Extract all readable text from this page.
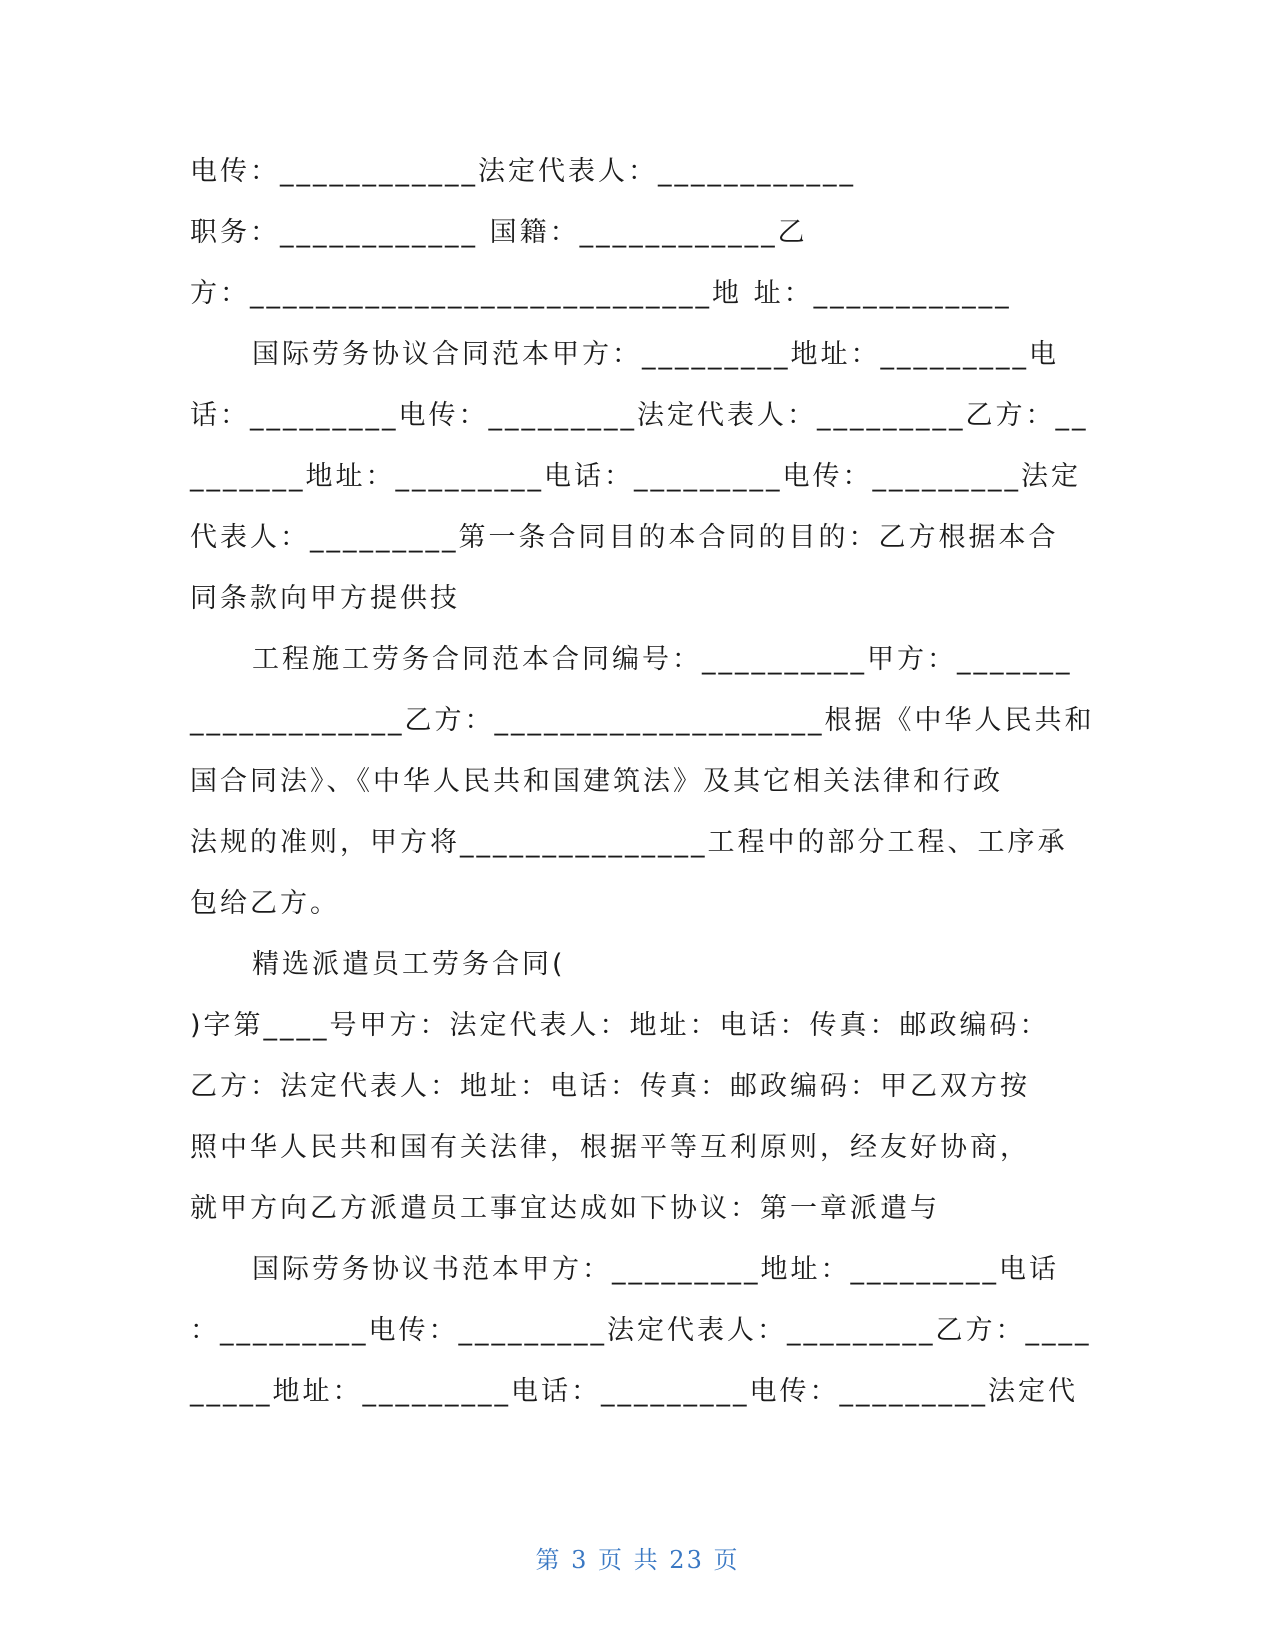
电传：____________法定代表人：____________

职务：____________ 国籍：____________乙

方：____________________________地 址：____________

国际劳务协议合同范本甲方：_________地址：_________电

话：_________电传：_________法定代表人：_________乙方：__

_______地址：_________电话：_________电传：_________法定

代表人：_________第一条合同目的本合同的目的：乙方根据本合

同条款向甲方提供技

工程施工劳务合同范本合同编号：__________甲方：_______

_____________乙方：____________________根据《中华人民共和

国合同法》、《中华人民共和国建筑法》及其它相关法律和行政

法规的准则，甲方将_______________工程中的部分工程、工序承

包给乙方。

精选派遣员工劳务合同(

)字第____号甲方：法定代表人：地址：电话：传真：邮政编码：

乙方：法定代表人：地址：电话：传真：邮政编码：甲乙双方按

照中华人民共和国有关法律，根据平等互利原则，经友好协商，

就甲方向乙方派遣员工事宜达成如下协议：第一章派遣与

国际劳务协议书范本甲方：_________地址：_________电话

：_________电传：_________法定代表人：_________乙方：____

_____地址：_________电话：_________电传：_________法定代

第 3 页 共 23 页
